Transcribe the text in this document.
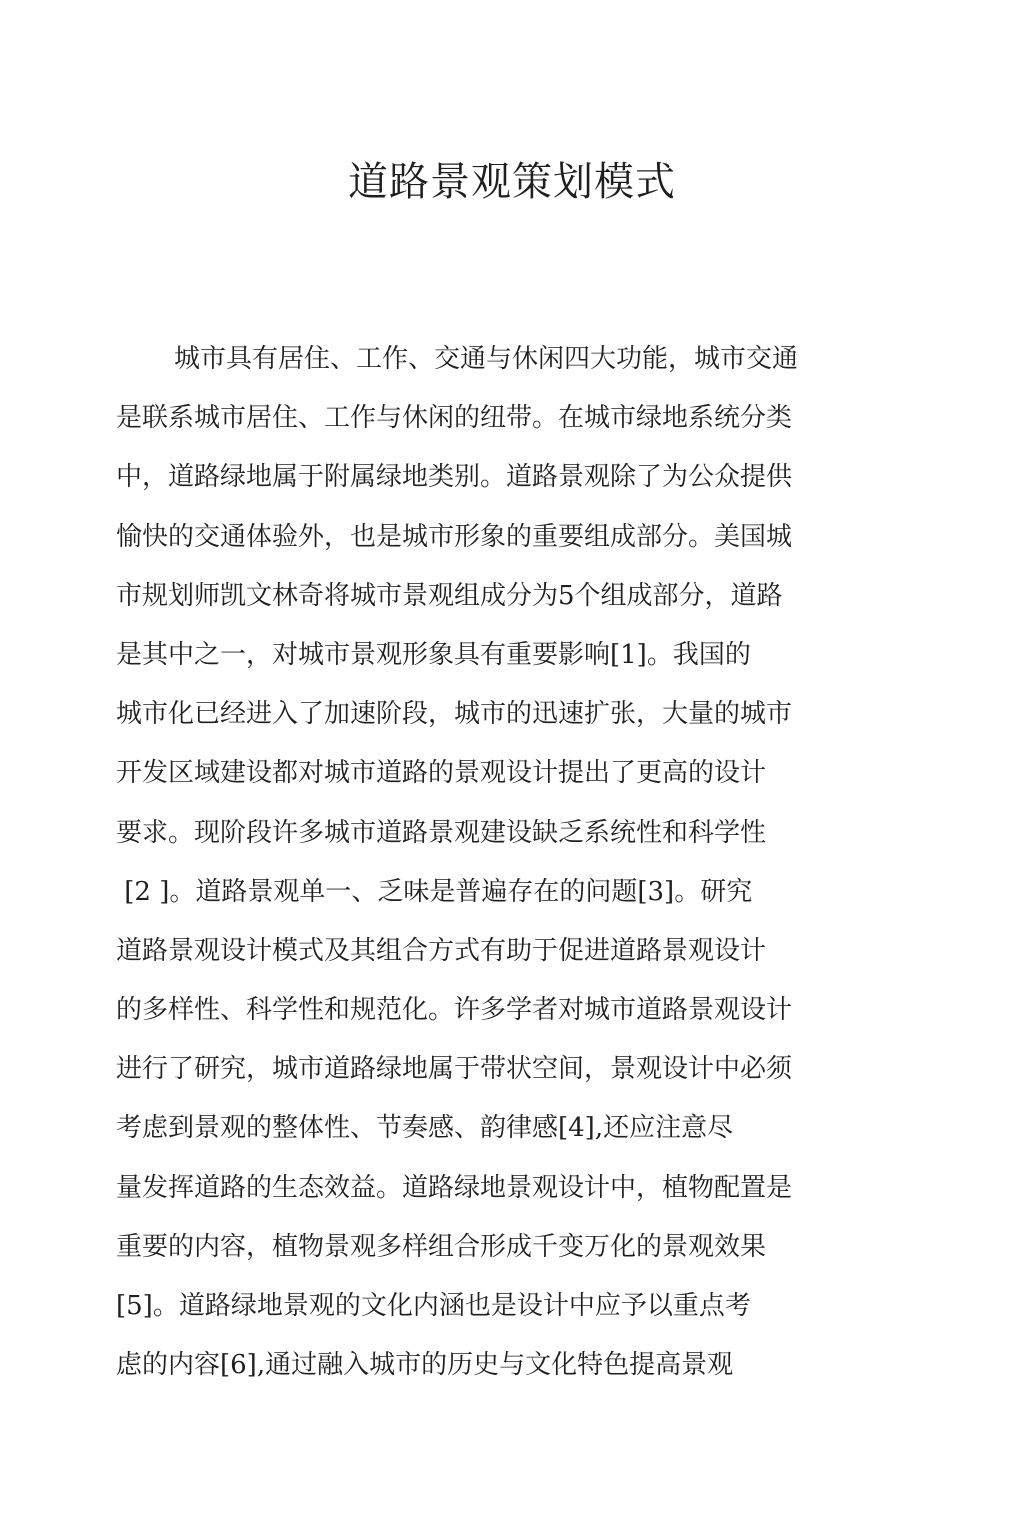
道路景观策划模式
城市具有居住、工作、交通与休闲四大功能，城市交通
是联系城市居住、工作与休闲的纽带。在城市绿地系统分类
中，道路绿地属于附属绿地类别。道路景观除了为公众提供
愉快的交通体验外，也是城市形象的重要组成部分。美国城
市规划师凯文林奇将城市景观组成分为5个组成部分，道路
是其中之一，对城市景观形象具有重要影响[1]。我国的
城市化已经进入了加速阶段，城市的迅速扩张，大量的城市
开发区域建设都对城市道路的景观设计提出了更高的设计
要求。现阶段许多城市道路景观建设缺乏系统性和科学性
[2 ]。道路景观单一、乏味是普遍存在的问题[3]。研究
道路景观设计模式及其组合方式有助于促进道路景观设计
的多样性、科学性和规范化。许多学者对城市道路景观设计
进行了研究，城市道路绿地属于带状空间，景观设计中必须
考虑到景观的整体性、节奏感、韵律感[4],还应注意尽
量发挥道路的生态效益。道路绿地景观设计中，植物配置是
重要的内容，植物景观多样组合形成千变万化的景观效果
[5]。道路绿地景观的文化内涵也是设计中应予以重点考
虑的内容[6],通过融入城市的历史与文化特色提高景观
